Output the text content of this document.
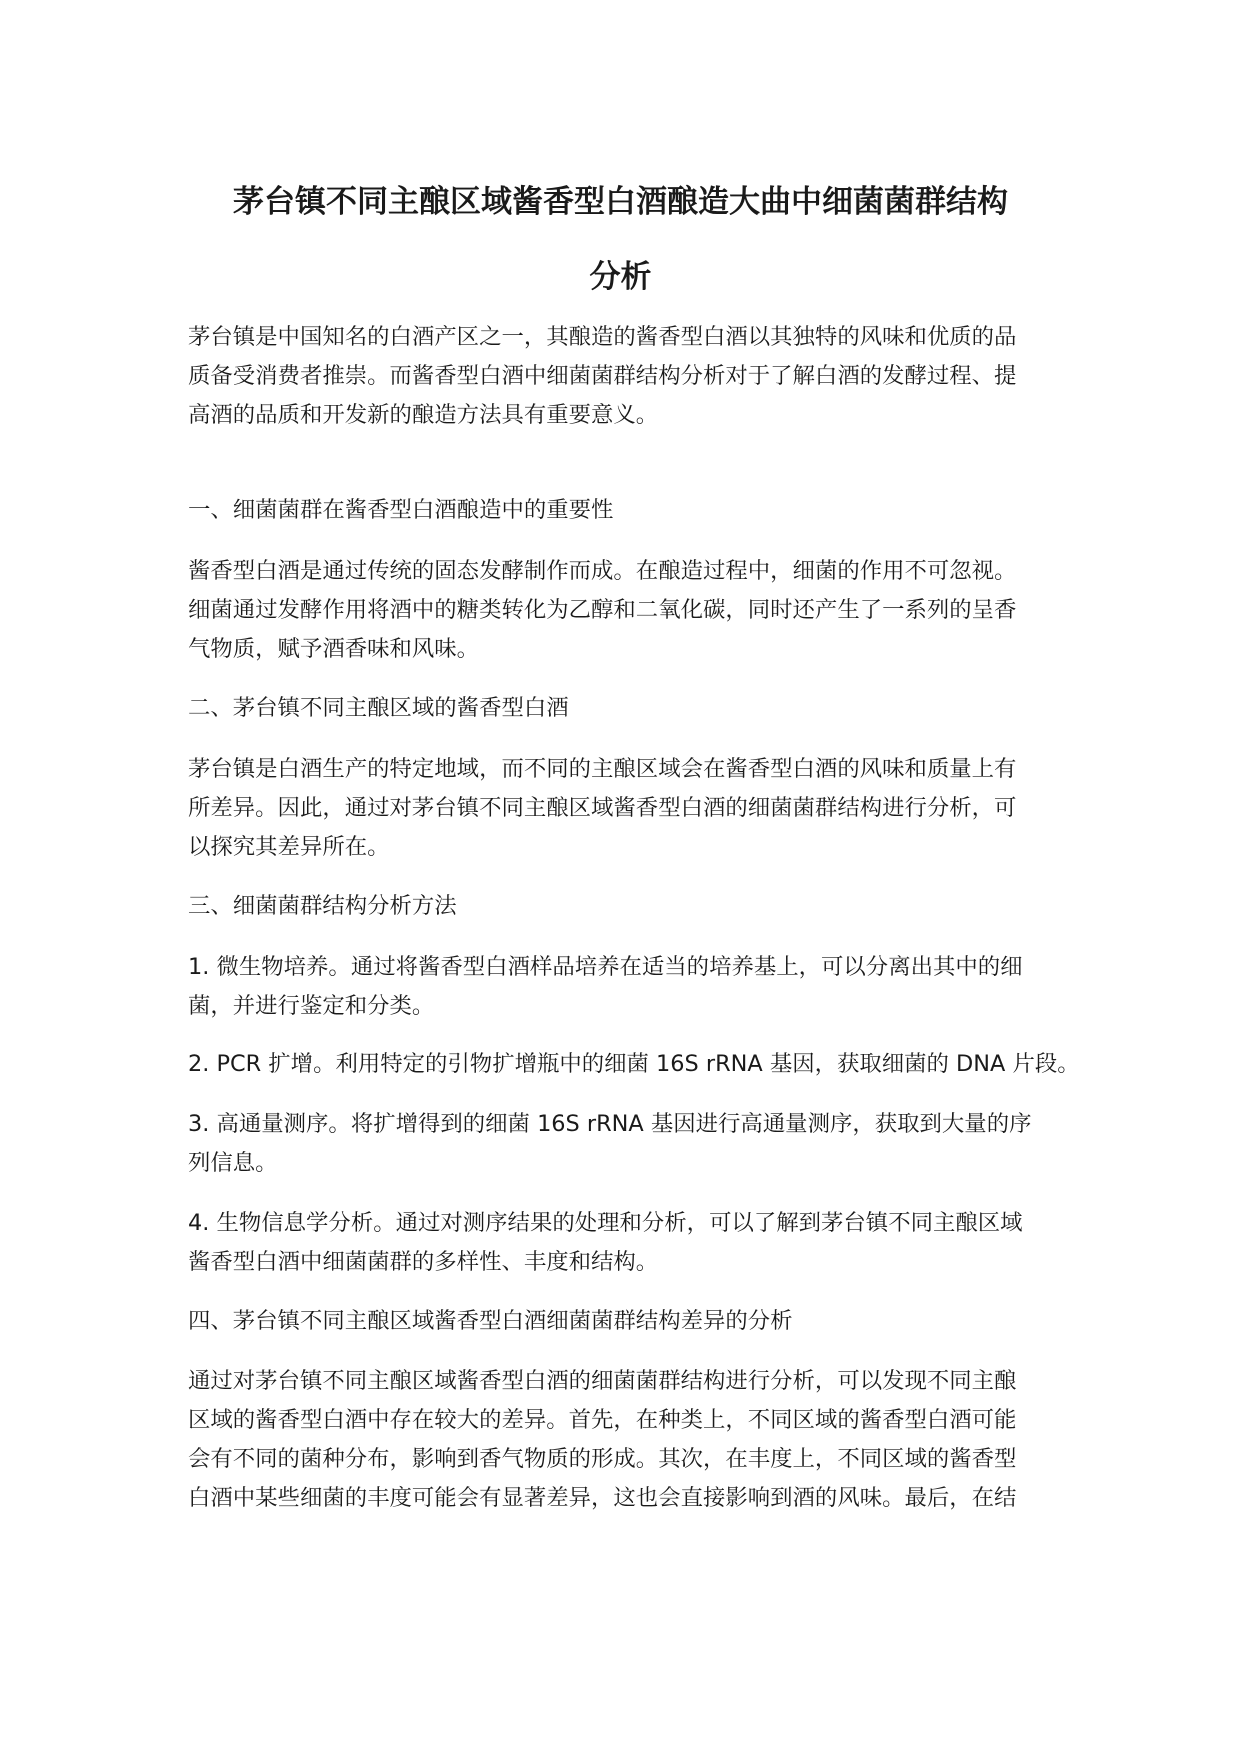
茅台镇不同主酿区域酱香型白酒酿造大曲中细菌菌群结构
分析
茅台镇是中国知名的白酒产区之一，其酿造的酱香型白酒以其独特的风味和优质的品
质备受消费者推崇。而酱香型白酒中细菌菌群结构分析对于了解白酒的发酵过程、提
高酒的品质和开发新的酿造方法具有重要意义。
一、细菌菌群在酱香型白酒酿造中的重要性
酱香型白酒是通过传统的固态发酵制作而成。在酿造过程中，细菌的作用不可忽视。
细菌通过发酵作用将酒中的糖类转化为乙醇和二氧化碳，同时还产生了一系列的呈香
气物质，赋予酒香味和风味。
二、茅台镇不同主酿区域的酱香型白酒
茅台镇是白酒生产的特定地域，而不同的主酿区域会在酱香型白酒的风味和质量上有
所差异。因此，通过对茅台镇不同主酿区域酱香型白酒的细菌菌群结构进行分析，可
以探究其差异所在。
三、细菌菌群结构分析方法
1. 微生物培养。通过将酱香型白酒样品培养在适当的培养基上，可以分离出其中的细
菌，并进行鉴定和分类。
2. PCR 扩增。利用特定的引物扩增瓶中的细菌 16S rRNA 基因，获取细菌的 DNA 片段。
3. 高通量测序。将扩增得到的细菌 16S rRNA 基因进行高通量测序，获取到大量的序
列信息。
4. 生物信息学分析。通过对测序结果的处理和分析，可以了解到茅台镇不同主酿区域
酱香型白酒中细菌菌群的多样性、丰度和结构。
四、茅台镇不同主酿区域酱香型白酒细菌菌群结构差异的分析
通过对茅台镇不同主酿区域酱香型白酒的细菌菌群结构进行分析，可以发现不同主酿
区域的酱香型白酒中存在较大的差异。首先，在种类上，不同区域的酱香型白酒可能
会有不同的菌种分布，影响到香气物质的形成。其次，在丰度上，不同区域的酱香型
白酒中某些细菌的丰度可能会有显著差异，这也会直接影响到酒的风味。最后，在结
